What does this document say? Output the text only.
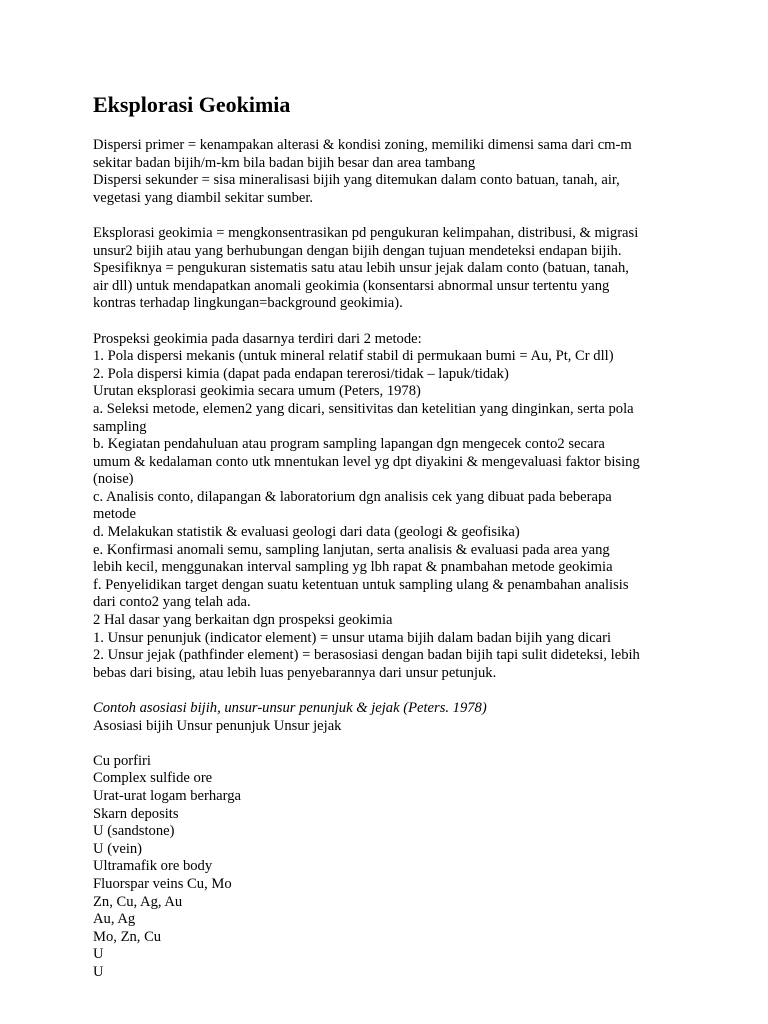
Eksplorasi Geokimia
Dispersi primer = kenampakan alterasi & kondisi zoning, memiliki dimensi sama dari cm-m
sekitar badan bijih/m-km bila badan bijih besar dan area tambang
Dispersi sekunder = sisa mineralisasi bijih yang ditemukan dalam conto batuan, tanah, air,
vegetasi yang diambil sekitar sumber.
Eksplorasi geokimia = mengkonsentrasikan pd pengukuran kelimpahan, distribusi, & migrasi
unsur2 bijih atau yang berhubungan dengan bijih dengan tujuan mendeteksi endapan bijih.
Spesifiknya = pengukuran sistematis satu atau lebih unsur jejak dalam conto (batuan, tanah,
air dll) untuk mendapatkan anomali geokimia (konsentarsi abnormal unsur tertentu yang
kontras terhadap lingkungan=background geokimia).
Prospeksi geokimia pada dasarnya terdiri dari 2 metode:
1. Pola dispersi mekanis (untuk mineral relatif stabil di permukaan bumi = Au, Pt, Cr dll)
2. Pola dispersi kimia (dapat pada endapan tererosi/tidak – lapuk/tidak)
Urutan eksplorasi geokimia secara umum (Peters, 1978)
a. Seleksi metode, elemen2 yang dicari, sensitivitas dan ketelitian yang dinginkan, serta pola
sampling
b. Kegiatan pendahuluan atau program sampling lapangan dgn mengecek conto2 secara
umum & kedalaman conto utk mnentukan level yg dpt diyakini & mengevaluasi faktor bising
(noise)
c. Analisis conto, dilapangan & laboratorium dgn analisis cek yang dibuat pada beberapa
metode
d. Melakukan statistik & evaluasi geologi dari data (geologi & geofisika)
e. Konfirmasi anomali semu, sampling lanjutan, serta analisis & evaluasi pada area yang
lebih kecil, menggunakan interval sampling yg lbh rapat & pnambahan metode geokimia
f. Penyelidikan target dengan suatu ketentuan untuk sampling ulang & penambahan analisis
dari conto2 yang telah ada.
2 Hal dasar yang berkaitan dgn prospeksi geokimia
1. Unsur penunjuk (indicator element) = unsur utama bijih dalam badan bijih yang dicari
2. Unsur jejak (pathfinder element) = berasosiasi dengan badan bijih tapi sulit dideteksi, lebih
bebas dari bising, atau lebih luas penyebarannya dari unsur petunjuk.
Contoh asosiasi bijih, unsur-unsur penunjuk & jejak (Peters. 1978)
Asosiasi bijih Unsur penunjuk Unsur jejak
Cu porfiri
Complex sulfide ore
Urat-urat logam berharga
Skarn deposits
U (sandstone)
U (vein)
Ultramafik ore body
Fluorspar veins Cu, Mo
Zn, Cu, Ag, Au
Au, Ag
Mo, Zn, Cu
U
U
